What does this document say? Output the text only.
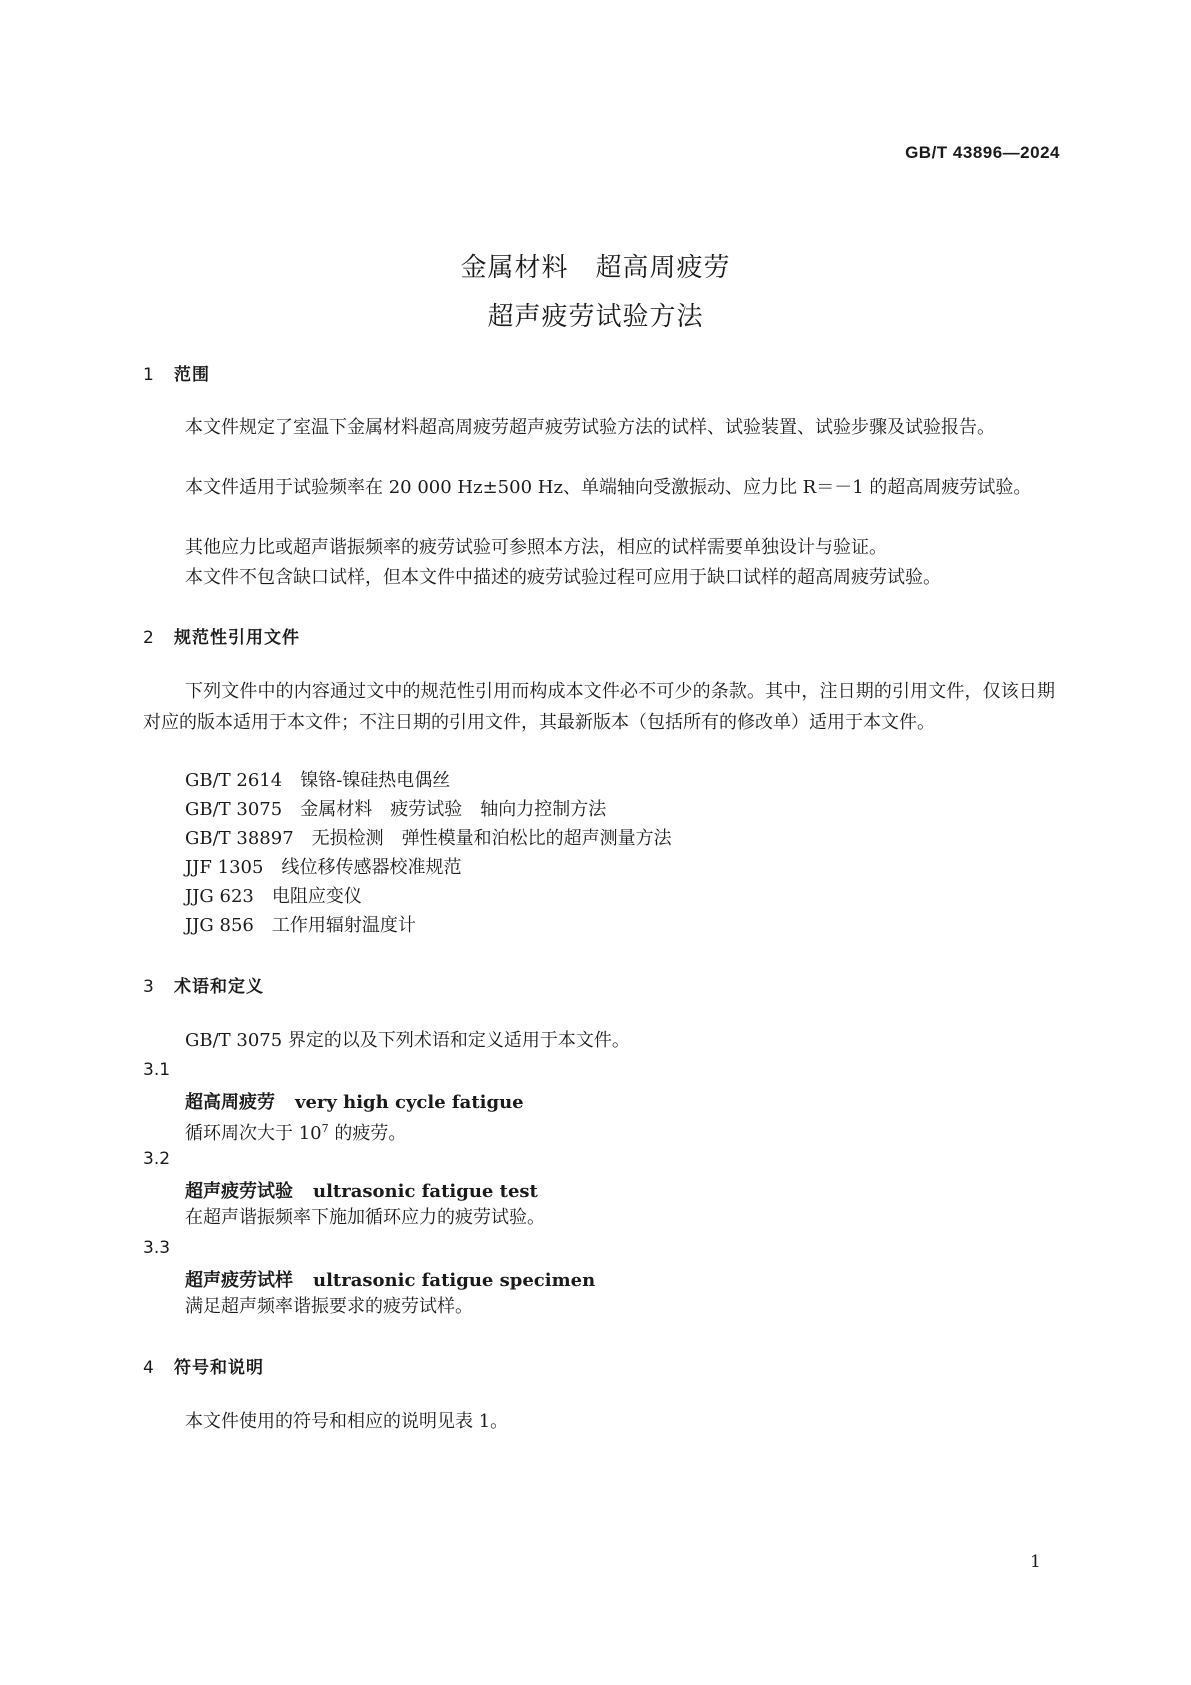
GB/T 43896—2024
金属材料　超高周疲劳
超声疲劳试验方法
1 范围

本文件规定了室温下金属材料超高周疲劳超声疲劳试验方法的试样、试验装置、试验步骤及试验报告。

本文件适用于试验频率在 20 000 Hz±500 Hz、单端轴向受激振动、应力比 R＝－1 的超高周疲劳试验。

其他应力比或超声谐振频率的疲劳试验可参照本方法，相应的试样需要单独设计与验证。

本文件不包含缺口试样，但本文件中描述的疲劳试验过程可应用于缺口试样的超高周疲劳试验。

2 规范性引用文件

下列文件中的内容通过文中的规范性引用而构成本文件必不可少的条款。其中，注日期的引用文件，仅该日期对应的版本适用于本文件；不注日期的引用文件，其最新版本（包括所有的修改单）适用于本文件。

GB/T 2614 镍铬-镍硅热电偶丝
GB/T 3075 金属材料　疲劳试验　轴向力控制方法
GB/T 38897 无损检测　弹性模量和泊松比的超声测量方法
JJF 1305 线位移传感器校准规范
JJG 623 电阻应变仪
JJG 856 工作用辐射温度计
3 术语和定义
GB/T 3075 界定的以及下列术语和定义适用于本文件。
3.1
超高周疲劳 very high cycle fatigue
循环周次大于 $10^7$ 的疲劳。
3.2
超声疲劳试验 ultrasonic fatigue test
在超声谐振频率下施加循环应力的疲劳试验。
3.3
超声疲劳试样 ultrasonic fatigue specimen
满足超声频率谐振要求的疲劳试样。
4 符号和说明
本文件使用的符号和相应的说明见表 1。
1
